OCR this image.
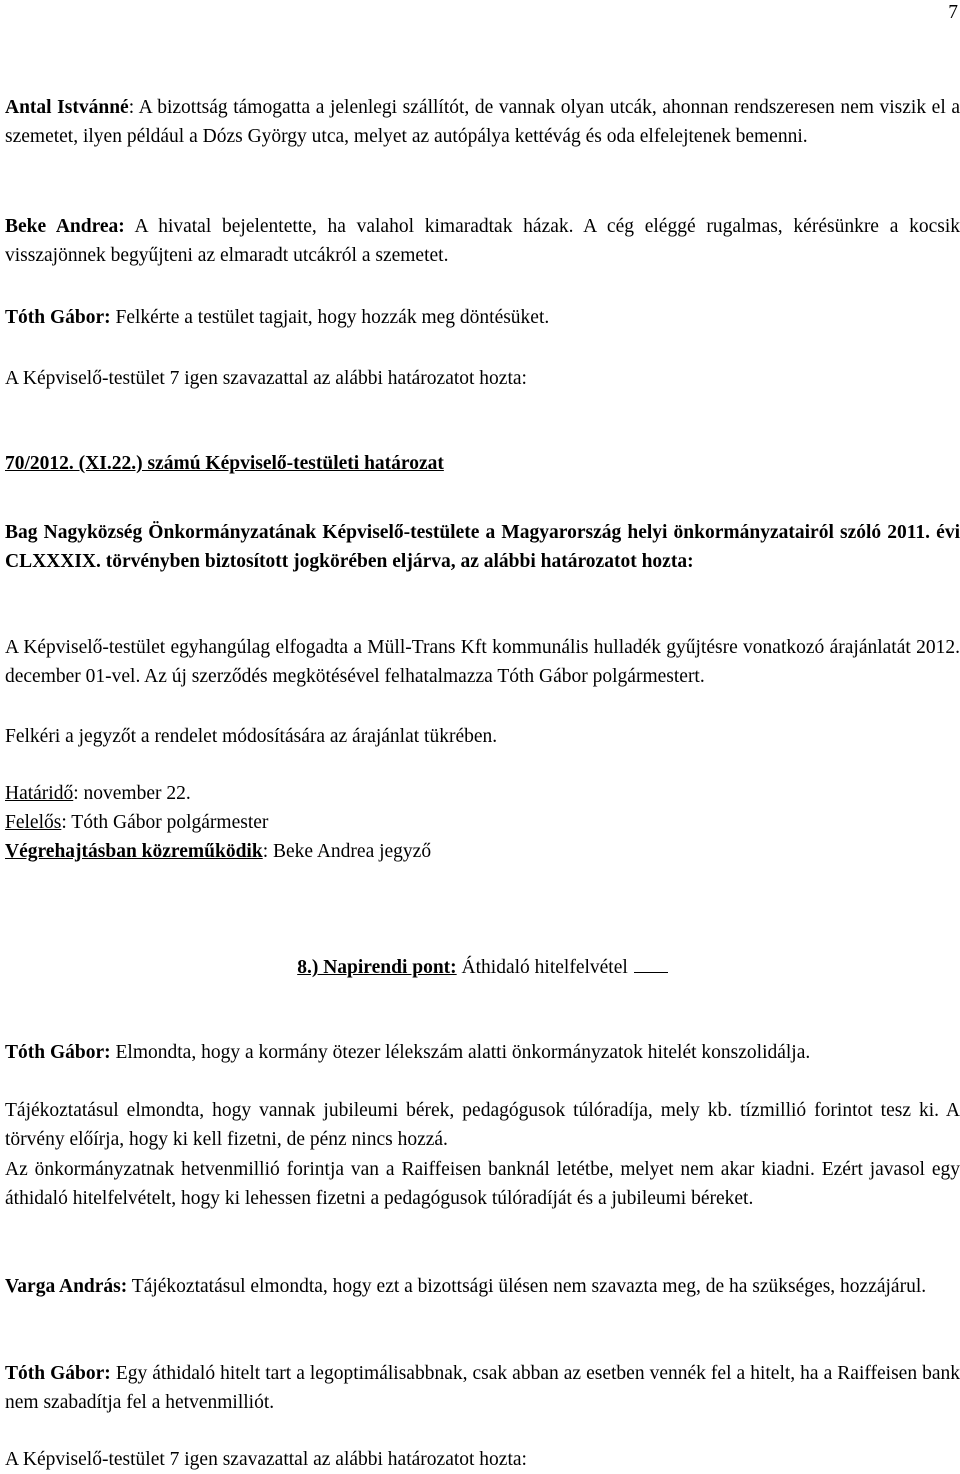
7

Antal Istvánné: A bizottság támogatta a jelenlegi szállítót, de vannak olyan utcák, ahonnan rendszeresen nem viszik el a szemetet, ilyen például a Dózs György utca, melyet az autópálya kettévág és oda elfelejtenek bemenni.

Beke Andrea: A hivatal bejelentette, ha valahol kimaradtak házak. A cég eléggé rugalmas, kérésünkre a kocsik visszajönnek begyűjteni az elmaradt utcákról a szemetet.

Tóth Gábor: Felkérte a testület tagjait, hogy hozzák meg döntésüket.

A Képviselő-testület 7 igen szavazattal az alábbi határozatot hozta:

70/2012. (XI.22.) számú Képviselő-testületi határozat

Bag Nagyközség Önkormányzatának Képviselő-testülete a Magyarország helyi önkormányzatairól szóló 2011. évi CLXXXIX. törvényben biztosított jogkörében eljárva, az alábbi határozatot hozta:

A Képviselő-testület egyhangúlag elfogadta a Müll-Trans Kft kommunális hulladék gyűjtésre vonatkozó árajánlatát 2012. december 01-vel. Az új szerződés megkötésével felhatalmazza Tóth Gábor polgármestert.

Felkéri a jegyzőt a rendelet módosítására az árajánlat tükrében.

Határidő: november 22.

Felelős: Tóth Gábor polgármester

Végrehajtásban közreműködik: Beke Andrea jegyző

8.) Napirendi pont: Áthidaló hitelfelvétel

Tóth Gábor: Elmondta, hogy a kormány ötezer lélekszám alatti önkormányzatok hitelét konszolidálja.

Tájékoztatásul elmondta, hogy vannak jubileumi bérek, pedagógusok túlóradíja, mely kb. tízmillió forintot tesz ki. A törvény előírja, hogy ki kell fizetni, de pénz nincs hozzá.

Az önkormányzatnak hetvenmillió forintja van a Raiffeisen banknál letétbe, melyet nem akar kiadni. Ezért javasol egy áthidaló hitelfelvételt, hogy ki lehessen fizetni a pedagógusok túlóradíját és a jubileumi béreket.

Varga András: Tájékoztatásul elmondta, hogy ezt a bizottsági ülésen nem szavazta meg, de ha szükséges, hozzájárul.

Tóth Gábor: Egy áthidaló hitelt tart a legoptimálisabbnak, csak abban az esetben vennék fel a hitelt, ha a Raiffeisen bank nem szabadítja fel a hetvenmilliót.

A Képviselő-testület 7 igen szavazattal az alábbi határozatot hozta:
